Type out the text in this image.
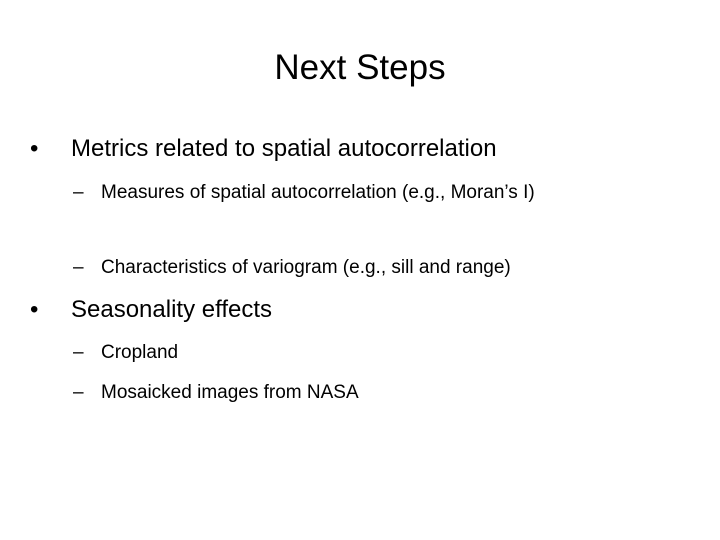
Next Steps
• Metrics related to spatial autocorrelation
– Measures of spatial autocorrelation (e.g., Moran’s I)
– Characteristics of variogram (e.g., sill and range)
• Seasonality effects
– Cropland
– Mosaicked images from NASA
